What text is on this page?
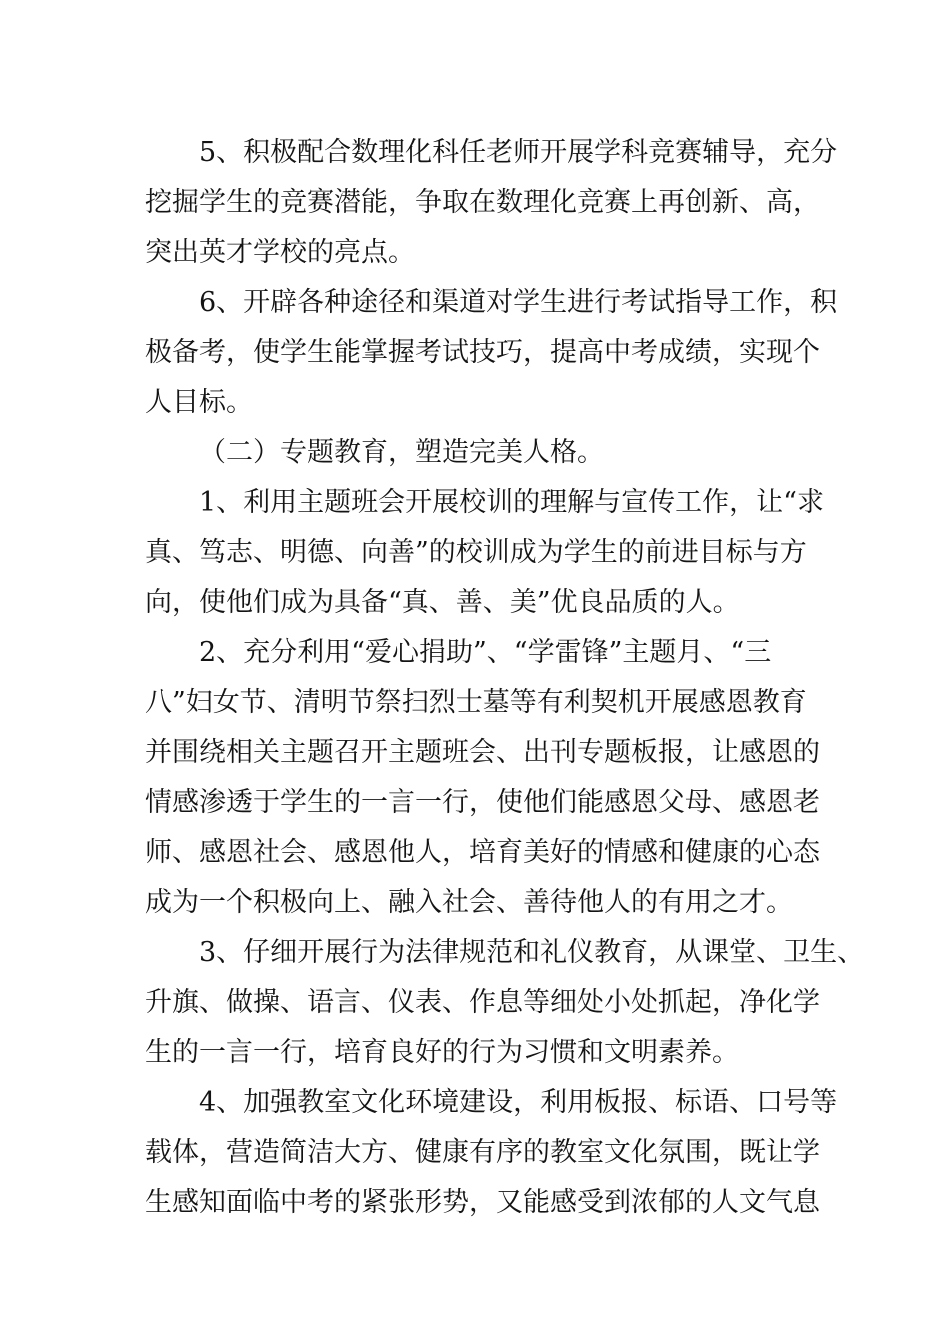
5、积极配合数理化科任老师开展学科竞赛辅导，充分
挖掘学生的竞赛潜能，争取在数理化竞赛上再创新、高，
突出英才学校的亮点。
6、开辟各种途径和渠道对学生进行考试指导工作，积
极备考，使学生能掌握考试技巧，提高中考成绩，实现个
人目标。
（二）专题教育，塑造完美人格。
1、利用主题班会开展校训的理解与宣传工作，让“求
真、笃志、明德、向善”的校训成为学生的前进目标与方
向，使他们成为具备“真、善、美”优良品质的人。
2、充分利用“爱心捐助”、“学雷锋”主题月、“三
八”妇女节、清明节祭扫烈士墓等有利契机开展感恩教育
并围绕相关主题召开主题班会、出刊专题板报，让感恩的
情感渗透于学生的一言一行，使他们能感恩父母、感恩老
师、感恩社会、感恩他人，培育美好的情感和健康的心态
成为一个积极向上、融入社会、善待他人的有用之才。
3、仔细开展行为法律规范和礼仪教育，从课堂、卫生、
升旗、做操、语言、仪表、作息等细处小处抓起，净化学
生的一言一行，培育良好的行为习惯和文明素养。
4、加强教室文化环境建设，利用板报、标语、口号等
载体，营造简洁大方、健康有序的教室文化氛围，既让学
生感知面临中考的紧张形势，又能感受到浓郁的人文气息
